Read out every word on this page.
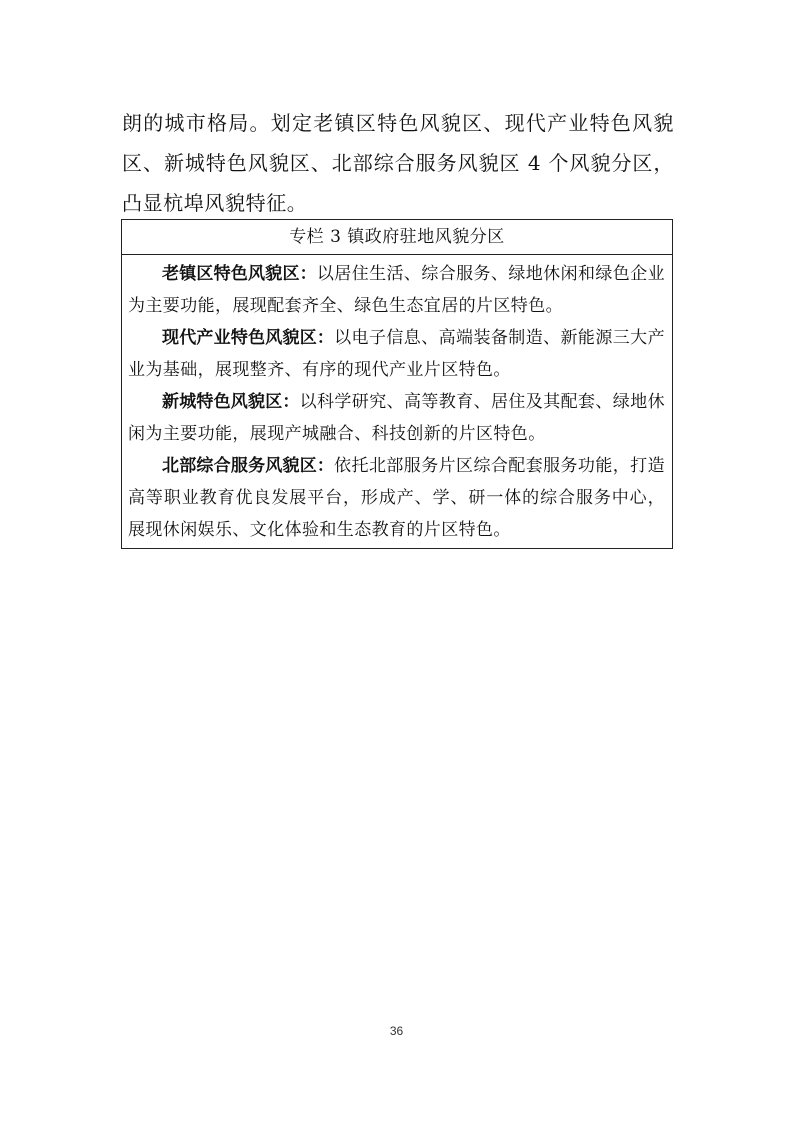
朗的城市格局。划定老镇区特色风貌区、现代产业特色风貌区、新城特色风貌区、北部综合服务风貌区 4 个风貌分区，凸显杭埠风貌特征。

专栏 3 镇政府驻地风貌分区

老镇区特色风貌区：以居住生活、综合服务、绿地休闲和绿色企业为主要功能，展现配套齐全、绿色生态宜居的片区特色。

现代产业特色风貌区：以电子信息、高端装备制造、新能源三大产业为基础，展现整齐、有序的现代产业片区特色。

新城特色风貌区：以科学研究、高等教育、居住及其配套、绿地休闲为主要功能，展现产城融合、科技创新的片区特色。

北部综合服务风貌区：依托北部服务片区综合配套服务功能，打造高等职业教育优良发展平台，形成产、学、研一体的综合服务中心，展现休闲娱乐、文化体验和生态教育的片区特色。

36
